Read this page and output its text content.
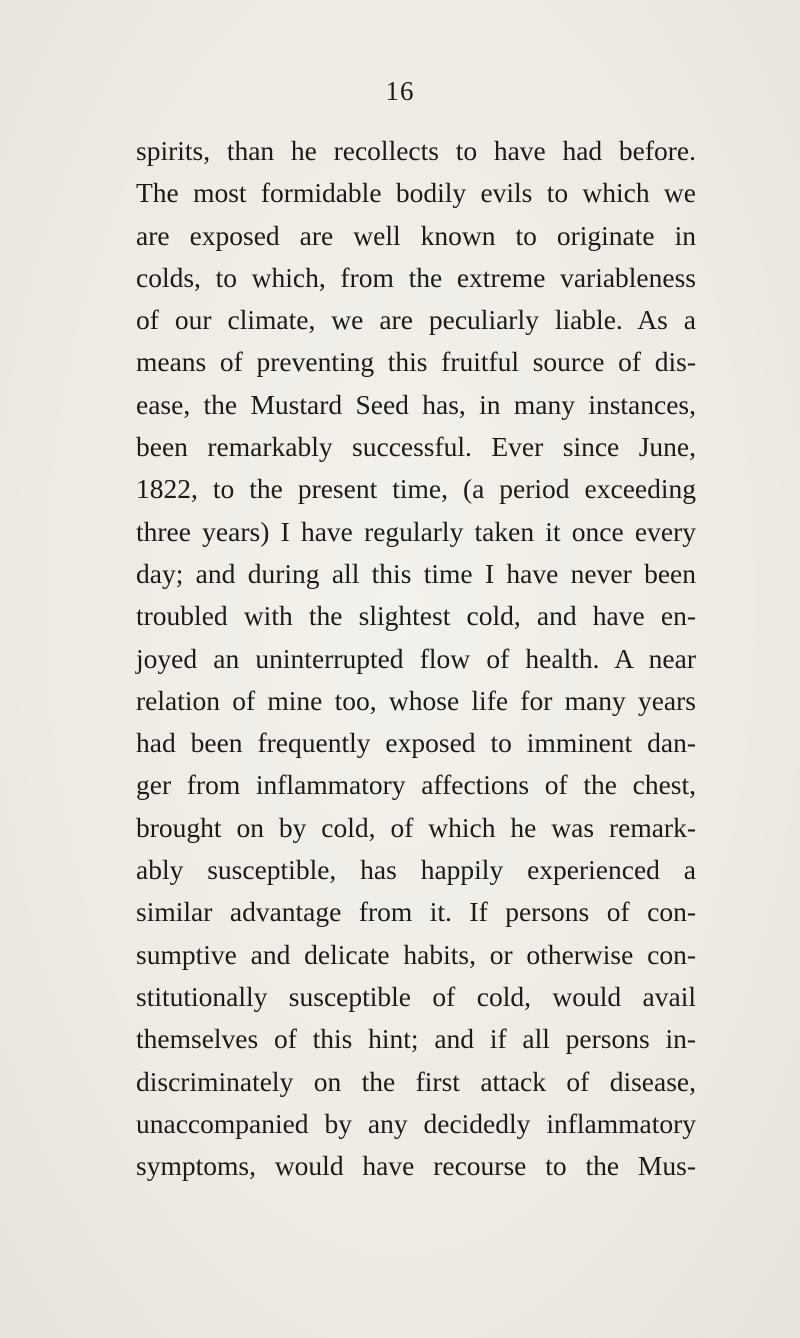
16
spirits, than he recollects to have had before.
The most formidable bodily evils to which we
are exposed are well known to originate in
colds, to which, from the extreme variableness
of our climate, we are peculiarly liable. As a
means of preventing this fruitful source of dis-
ease, the Mustard Seed has, in many instances,
been remarkably successful. Ever since June,
1822, to the present time, (a period exceeding
three years) I have regularly taken it once every
day; and during all this time I have never been
troubled with the slightest cold, and have en-
joyed an uninterrupted flow of health. A near
relation of mine too, whose life for many years
had been frequently exposed to imminent dan-
ger from inflammatory affections of the chest,
brought on by cold, of which he was remark-
ably susceptible, has happily experienced a
similar advantage from it. If persons of con-
sumptive and delicate habits, or otherwise con-
stitutionally susceptible of cold, would avail
themselves of this hint; and if all persons in-
discriminately on the first attack of disease,
unaccompanied by any decidedly inflammatory
symptoms, would have recourse to the Mus-
